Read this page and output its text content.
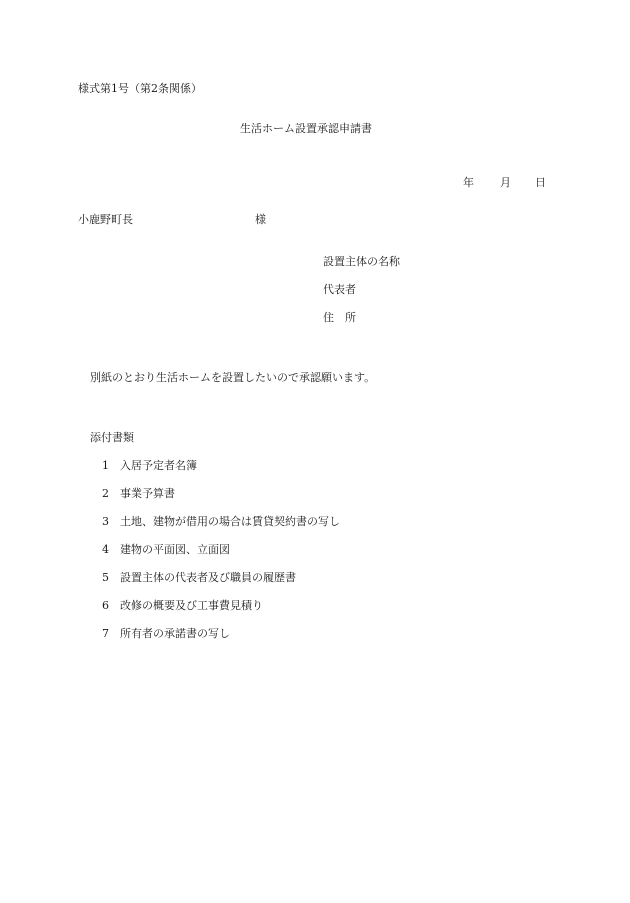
様式第1号（第2条関係）
生活ホーム設置承認申請書
年 月 日
小鹿野町長	様
設置主体の名称
代表者
住 所
別紙のとおり生活ホームを設置したいので承認願います。
添付書類
1 入居予定者名簿
2 事業予算書
3 土地、建物が借用の場合は賃貸契約書の写し
4 建物の平面図、立面図
5 設置主体の代表者及び職員の履歴書
6 改修の概要及び工事費見積り
7 所有者の承諾書の写し
